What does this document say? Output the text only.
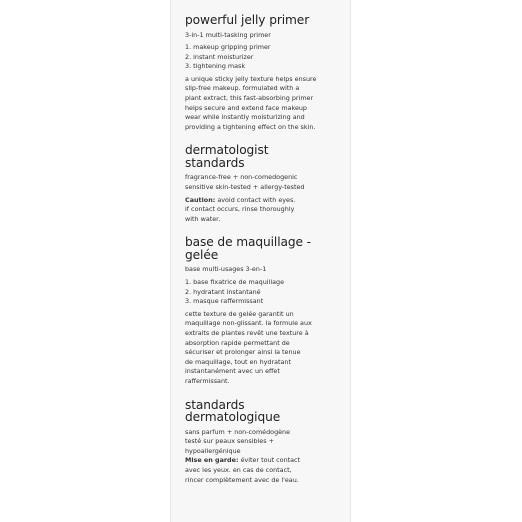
powerful jelly primer
3-in-1 multi-tasking primer
1. makeup gripping primer
2. instant moisturizer
3. tightening mask
a unique sticky jelly texture helps ensure
slip-free makeup. formulated with a
plant extract, this fast-absorbing primer
helps secure and extend face makeup
wear while instantly moisturizing and
providing a tightening effect on the skin.
dermatologist
standards
fragrance-free + non-comedogenic
sensitive skin-tested + allergy-tested
Caution: avoid contact with eyes.
if contact occurs, rinse thoroughly
with water.
base de maquillage -
gelée
base multi-usages 3-en-1
1. base fixatrice de maquillage
2. hydratant instantané
3. masque raffermissant
cette texture de gelée garantit un
maquillage non-glissant. la formule aux
extraits de plantes revêt une texture à
absorption rapide permettant de
sécuriser et prolonger ainsi la tenue
de maquillage, tout en hydratant
instantanément avec un effet
raffermissant.
standards
dermatologique
sans parfum + non-comédogène
testé sur peaux sensibles +
hypoallergénique
Mise en garde: éviter tout contact
avec les yeux. en cas de contact,
rincer complètement avec de l'eau.
